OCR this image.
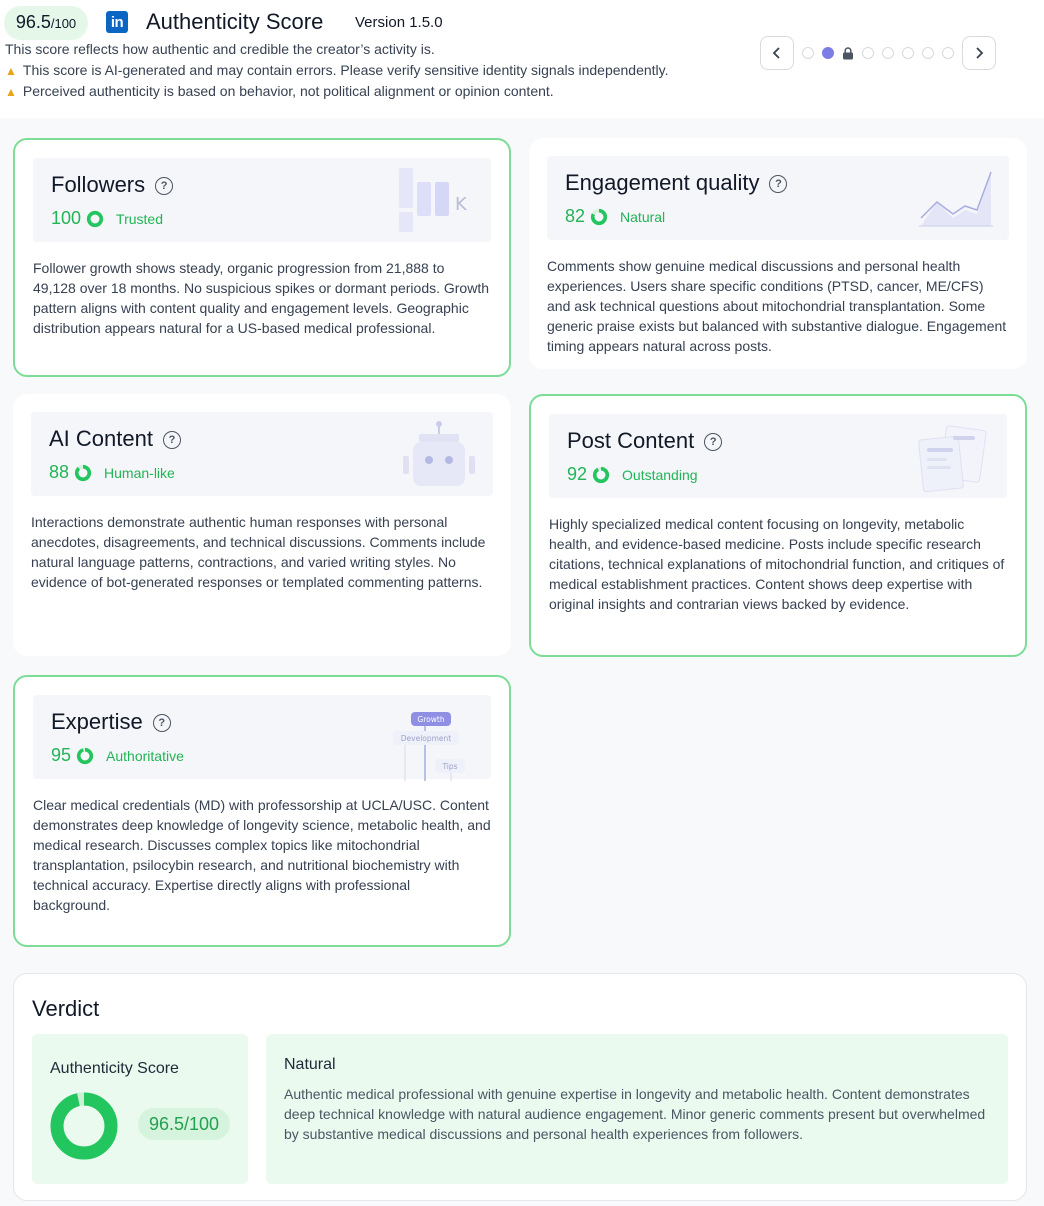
96.5 /100	in Authenticity Score Version 1.5.0
This score reflects how authentic and credible the creator’s activity is.
▲ This score is AI-generated and may contain errors. Please verify sensitive identity signals independently.
▲ Perceived authenticity is based on behavior, not political alignment or opinion content.
Followers ?
100	Trusted
K
Follower growth shows steady, organic progression from 21,888 to 49,128 over 18 months. No suspicious spikes or dormant periods. Growth pattern aligns with content quality and engagement levels. Geographic distribution appears natural for a US-based medical professional.
Engagement quality ?
82	Natural
Comments show genuine medical discussions and personal health experiences. Users share specific conditions (PTSD, cancer, ME/CFS) and ask technical questions about mitochondrial transplantation. Some generic praise exists but balanced with substantive dialogue. Engagement timing appears natural across posts.
AI Content ?
88	Human-like
Interactions demonstrate authentic human responses with personal anecdotes, disagreements, and technical discussions. Comments include natural language patterns, contractions, and varied writing styles. No evidence of bot-generated responses or templated commenting patterns.
Post Content ?
92	Outstanding
Highly specialized medical content focusing on longevity, metabolic health, and evidence-based medicine. Posts include specific research citations, technical explanations of mitochondrial function, and critiques of medical establishment practices. Content shows deep expertise with original insights and contrarian views backed by evidence.
Expertise ?
95	Authoritative
Growth
Development
Tips
Clear medical credentials (MD) with professorship at UCLA/USC. Content demonstrates deep knowledge of longevity science, metabolic health, and medical research. Discusses complex topics like mitochondrial transplantation, psilocybin research, and nutritional biochemistry with technical accuracy. Expertise directly aligns with professional background.
Verdict
Authenticity Score
96.5/100
Natural
Authentic medical professional with genuine expertise in longevity and metabolic health. Content demonstrates deep technical knowledge with natural audience engagement. Minor generic comments present but overwhelmed by substantive medical discussions and personal health experiences from followers.
